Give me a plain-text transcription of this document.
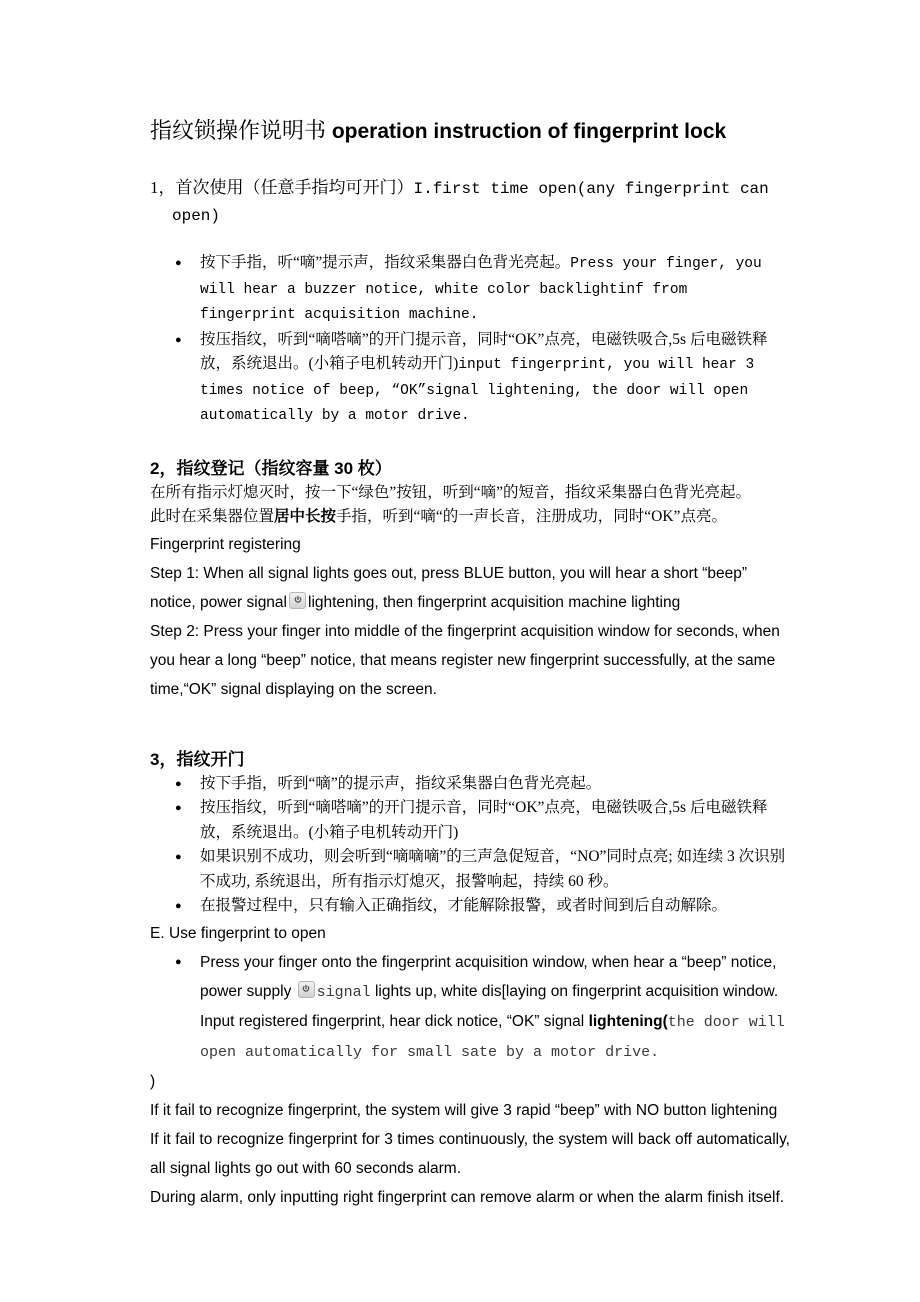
指纹锁操作说明书 operation instruction of fingerprint lock

1，首次使用（任意手指均可开门）I.first time open(any fingerprint can open)

● 按下手指，听“嘀”提示声，指纹采集器白色背光亮起。Press your finger, you will hear a buzzer notice, white color backlightinf from fingerprint acquisition machine.
● 按压指纹，听到“嘀嗒嘀”的开门提示音，同时“OK”点亮，电磁铁吸合,5s 后电磁铁释放，系统退出。(小箱子电机转动开门)input fingerprint, you will hear 3 times notice of beep, “OK”signal lightening, the door will open automatically by a motor drive.

2，指纹登记（指纹容量 30 枚）

在所有指示灯熄灭时，按一下“绿色”按钮，听到“嘀”的短音，指纹采集器白色背光亮起。

此时在采集器位置居中长按手指，听到“嘀“的一声长音，注册成功，同时“OK”点亮。

Fingerprint registering

Step 1: When all signal lights goes out, press BLUE button, you will hear a short “beep” notice, power signal lightening, then fingerprint acquisition machine lighting

Step 2: Press your finger into middle of the fingerprint acquisition window for seconds, when you hear a long “beep” notice, that means register new fingerprint successfully, at the same time,“OK” signal displaying on the screen.

3，指纹开门

● 按下手指，听到“嘀”的提示声，指纹采集器白色背光亮起。
● 按压指纹，听到“嘀嗒嘀”的开门提示音，同时“OK”点亮，电磁铁吸合,5s 后电磁铁释放，系统退出。(小箱子电机转动开门)
● 如果识别不成功，则会听到“嘀嘀嘀”的三声急促短音，“NO”同时点亮; 如连续 3 次识别不成功, 系统退出，所有指示灯熄灭，报警响起，持续 60 秒。
● 在报警过程中，只有输入正确指纹，才能解除报警，或者时间到后自动解除。

E. Use fingerprint to open

● Press your finger onto the fingerprint acquisition window, when hear a “beep” notice, power supply signal lights up, white dis[laying on fingerprint acquisition window. Input registered fingerprint, hear dick notice, “OK” signal lightening(the door will open automatically for small sate by a motor drive.

)

If it fail to recognize fingerprint, the system will give 3 rapid “beep” with NO button lightening

If it fail to recognize fingerprint for 3 times continuously, the system will back off automatically, all signal lights go out with 60 seconds alarm.

During alarm, only inputting right fingerprint can remove alarm or when the alarm finish itself.
